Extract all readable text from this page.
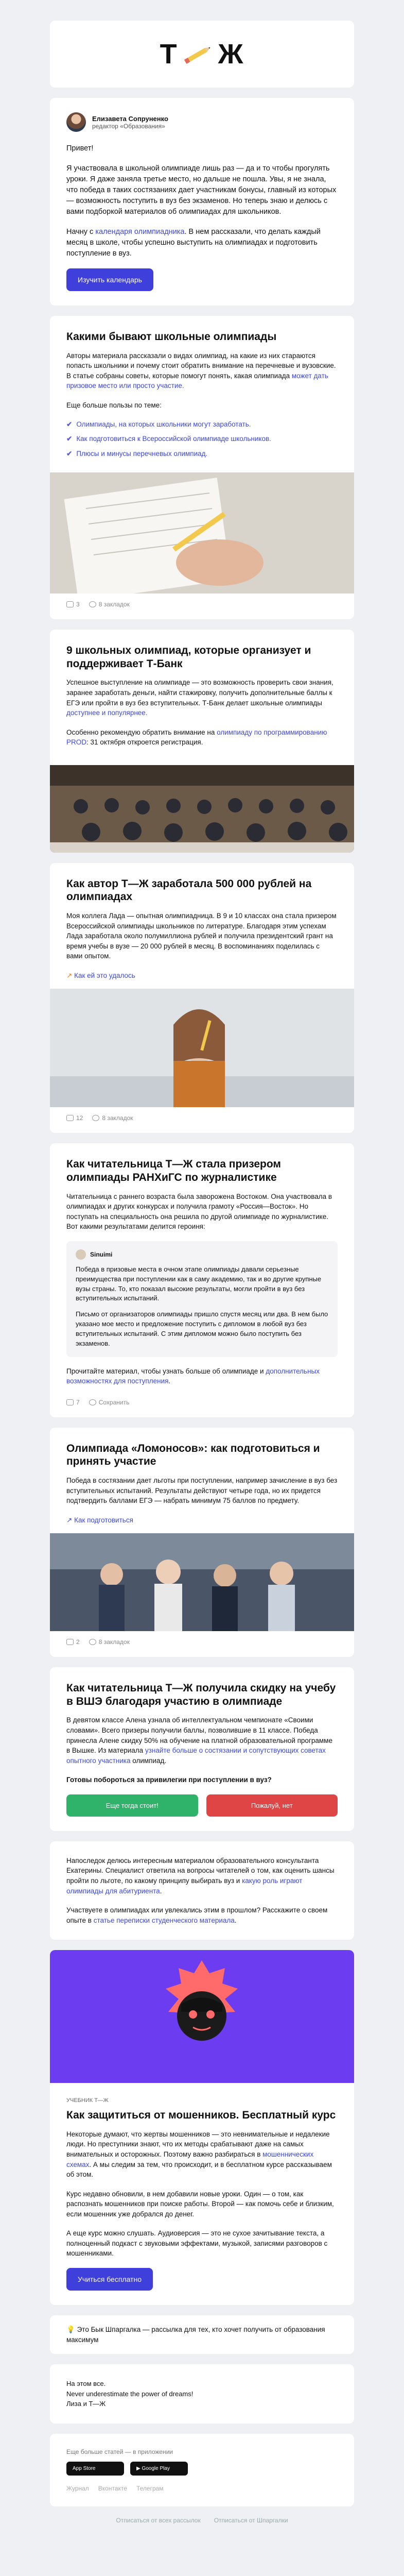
Т Ж
Елизавета Сопруненко
редактор «Образования»

Привет!

Я участвовала в школьной олимпиаде лишь раз — да и то чтобы прогулять уроки. Я даже заняла третье место, но дальше не пошла. Увы, я не знала, что победа в таких состязаниях дает участникам бонусы, главный из которых — возможность поступить в вуз без экзаменов. Но теперь знаю и делюсь с вами подборкой материалов об олимпиадах для школьников.

Начну с календаря олимпиадника. В нем рассказали, что делать каждый месяц в школе, чтобы успешно выступить на олимпиадах и подготовить поступление в вуз.

Изучить календарь
Какими бывают школьные олимпиады

Авторы материала рассказали о видах олимпиад, на какие из них стараются попасть школьники и почему стоит обратить внимание на перечневые и вузовские. В статье собраны советы, которые помогут понять, какая олимпиада может дать призовое место или просто участие.

Еще больше пользы по теме:

✔ Олимпиады, на которых школьники могут заработать.
✔ Как подготовиться к Всероссийской олимпиаде школьников.
✔ Плюсы и минусы перечневых олимпиад.
3	8 закладок
9 школьных олимпиад, которые организует и поддерживает Т-Банк

Успешное выступление на олимпиаде — это возможность проверить свои знания, заранее заработать деньги, найти стажировку, получить дополнительные баллы к ЕГЭ или пройти в вуз без вступительных. Т-Банк делает школьные олимпиады доступнее и популярнее.

Особенно рекомендую обратить внимание на олимпиаду по программированию PROD: 31 октября откроется регистрация.

Как автор Т—Ж заработала 500 000 рублей на олимпиадах

Моя коллега Лада — опытная олимпиадница. В 9 и 10 классах она стала призером Всероссийской олимпиады школьников по литературе. Благодаря этим успехам Лада заработала около полумиллиона рублей и получила президентский грант на время учебы в вузе — 20 000 рублей в месяц. В воспоминаниях поделилась с вами опытом.

↗ Как ей это удалось

12	8 закладок
Как читательница Т—Ж стала призером олимпиады РАНХиГС по журналистике

Читательница с раннего возраста была заворожена Востоком. Она участвовала в олимпиадах и других конкурсах и получила грамоту «Россия—Восток». Но поступать на специальность она решила по другой олимпиаде по журналистике. Вот какими результатами делится героиня:

Sinuimi

Победа в призовые места в очном этапе олимпиады давали серьезные преимущества при поступлении как в саму академию, так и во другие крупные вузы страны. То, кто показал высокие результаты, могли пройти в вуз без вступительных испытаний.

Письмо от организаторов олимпиады пришло спустя месяц или два. В нем было указано мое место и предложение поступить с дипломом в любой вуз без вступительных испытаний. С этим дипломом можно было поступить без экзаменов.

Прочитайте материал, чтобы узнать больше об олимпиаде и дополнительных возможностях для поступления.

7	Сохранить
Олимпиада «Ломоносов»: как подготовиться и принять участие

Победа в состязании дает льготы при поступлении, например зачисление в вуз без вступительных испытаний. Результаты действуют четыре года, но их придется подтвердить баллами ЕГЭ — набрать минимум 75 баллов по предмету.

↗ Как подготовиться

2	8 закладок
Как читательница Т—Ж получила скидку на учебу в ВШЭ благодаря участию в олимпиаде

В девятом классе Алена узнала об интеллектуальном чемпионате «Своими словами». Всего призеры получили баллы, позволившие в 11 классе. Победа принесла Алене скидку 50% на обучение на платной образовательной программе в Вышке. Из материала узнайте больше о состязании и сопутствующих советах опытного участника олимпиад.

Готовы побороться за привилегии при поступлении в вуз?

Еще тогда стоит!	Пожалуй, нет

Напоследок делюсь интересным материалом образовательного консультанта Екатерины. Специалист ответила на вопросы читателей о том, как оценить шансы пройти по льготе, по какому принципу выбирать вуз и какую роль играют олимпиады для абитуриента.

Участвуете в олимпиадах или увлекались этим в прошлом? Расскажите о своем опыте в статье переписки студенческого материала.

УЧЕБНИК Т—Ж
Как защититься от мошенников. Бесплатный курс

Некоторые думают, что жертвы мошенников — это невнимательные и недалекие люди. Но преступники знают, что их методы срабатывают даже на самых внимательных и осторожных. Поэтому важно разбираться в мошеннических схемах. А мы следим за тем, что происходит, и в бесплатном курсе рассказываем об этом.

Курс недавно обновили, в нем добавили новые уроки. Один — о том, как распознать мошенников при поиске работы. Второй — как помочь себе и близким, если мошенник уже добрался до денег.

А еще курс можно слушать. Аудиоверсия — это не сухое зачитывание текста, а полноценный подкаст с звуковыми эффектами, музыкой, записями разговоров с мошенниками.

Учиться бесплатно

💡 Это Бык Шпаргалка — рассылка для тех, кто хочет получить от образования максимум

Ha этом все.
Never underestimate the power of dreams!
Лиза и Т—Ж
Еще больше статей — в приложении
App Store	▶ Google Play
Журнал Вконтакте Телеграм
Отписаться от всех рассылок Отписаться от Шпаргалки
